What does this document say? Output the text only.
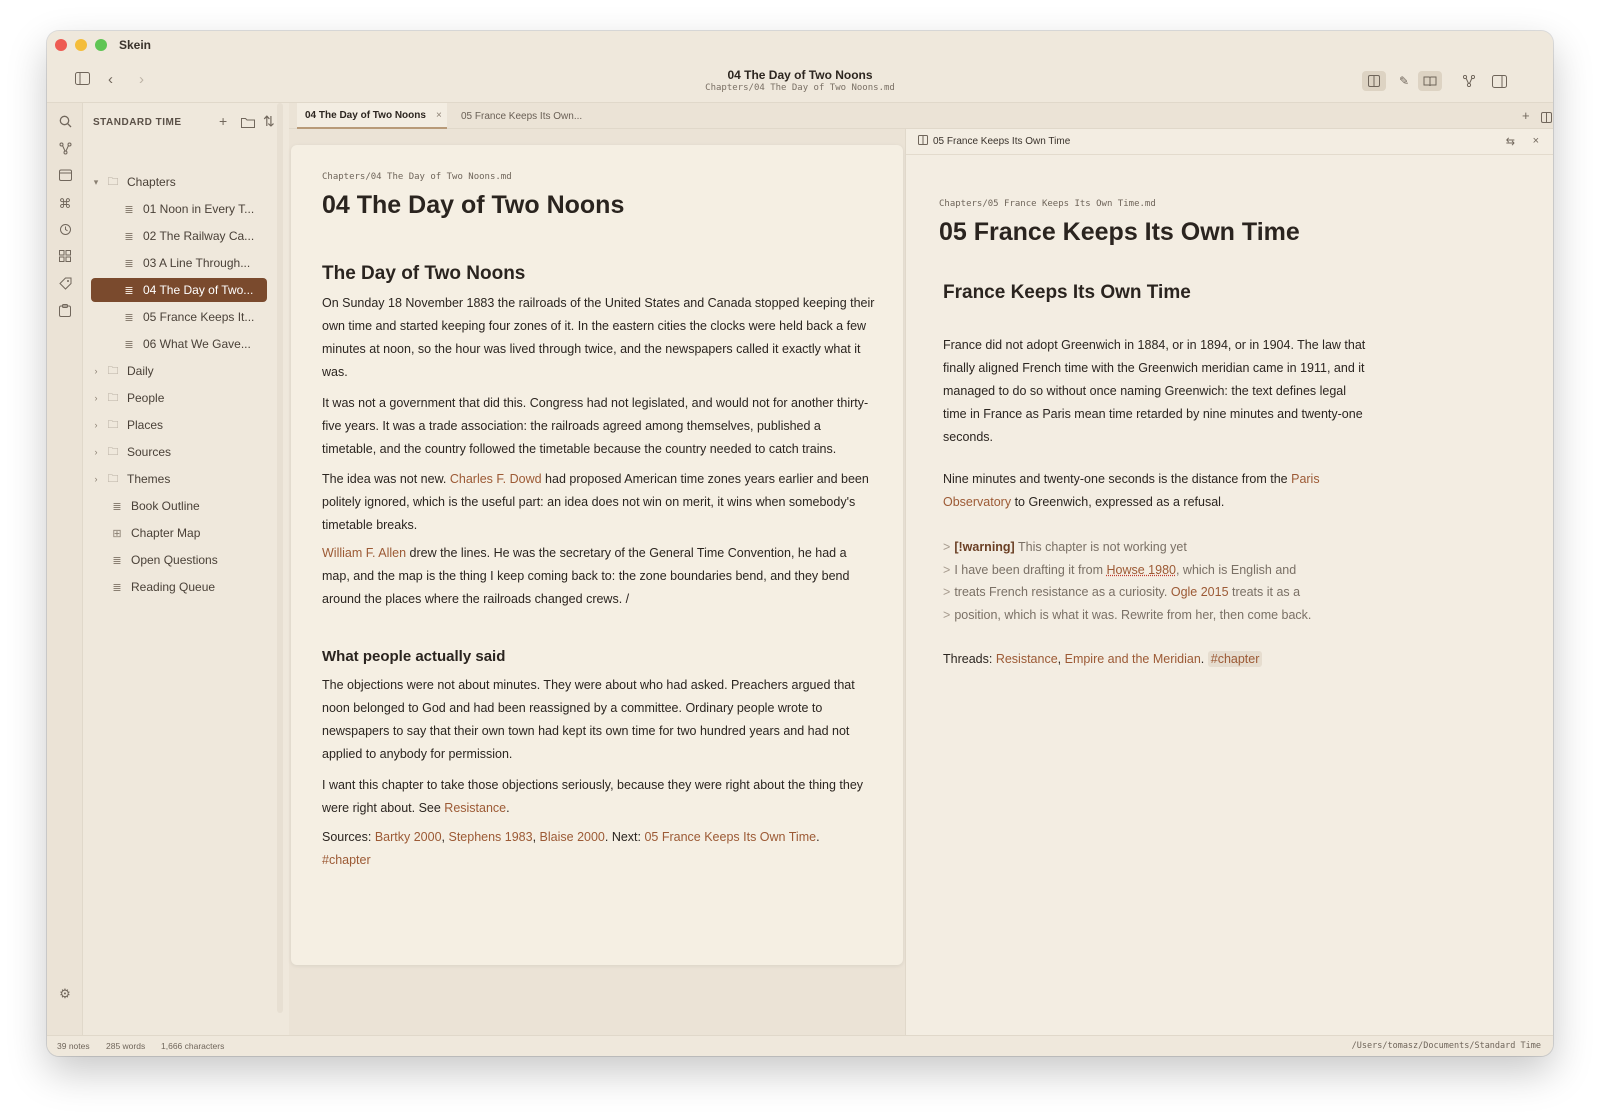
Skein
‹ ›	04 The Day of Two Noons
Chapters/04 The Day of Two Noons.md	✎
⌘
⚙
STANDARD TIME	+	⇅
▾ 🗀 Chapters
≣ 01 Noon in Every T...
≣ 02 The Railway Ca...
≣ 03 A Line Through...
≣ 04 The Day of Two...
≣ 05 France Keeps It...
≣ 06 What We Gave...
› 🗀 Daily
› 🗀 People
› 🗀 Places
› 🗀 Sources
› 🗀 Themes
≣ Book Outline
⊞ Chapter Map
≣ Open Questions
≣ Reading Queue
04 The Day of Two Noons × 05 France Keeps Its Own...	+
Chapters/04 The Day of Two Noons.md
04 The Day of Two Noons
The Day of Two Noons

On Sunday 18 November 1883 the railroads of the United States and Canada stopped keeping their own time and started keeping four zones of it. In the eastern cities the clocks were held back a few minutes at noon, so the hour was lived through twice, and the newspapers called it exactly what it was.

It was not a government that did this. Congress had not legislated, and would not for another thirty-five years. It was a trade association: the railroads agreed among themselves, published a timetable, and the country followed the timetable because the country needed to catch trains.

The idea was not new. Charles F. Dowd had proposed American time zones years earlier and been politely ignored, which is the useful part: an idea does not win on merit, it wins when somebody's timetable breaks.

William F. Allen drew the lines. He was the secretary of the General Time Convention, he had a map, and the map is the thing I keep coming back to: the zone boundaries bend, and they bend around the places where the railroads changed crews. /

What people actually said

The objections were not about minutes. They were about who had asked. Preachers argued that noon belonged to God and had been reassigned by a committee. Ordinary people wrote to newspapers to say that their own town had kept its own time for two hundred years and had not applied to anybody for permission.

I want this chapter to take those objections seriously, because they were right about the thing they were right about. See Resistance.

Sources: Bartky 2000, Stephens 1983, Blaise 2000. Next: 05 France Keeps Its Own Time.
#chapter

05 France Keeps Its Own Time	⇆ ×
Chapters/05 France Keeps Its Own Time.md
05 France Keeps Its Own Time
France Keeps Its Own Time

France did not adopt Greenwich in 1884, or in 1894, or in 1904. The law that finally aligned French time with the Greenwich meridian came in 1911, and it managed to do so without once naming Greenwich: the text defines legal time in France as Paris mean time retarded by nine minutes and twenty-one seconds.

Nine minutes and twenty-one seconds is the distance from the Paris Observatory to Greenwich, expressed as a refusal.

> [!warning] This chapter is not working yet
> I have been drafting it from Howse 1980, which is English and
> treats French resistance as a curiosity. Ogle 2015 treats it as a
> position, which is what it was. Rewrite from her, then come back.

Threads: Resistance, Empire and the Meridian. #chapter

39 notes 285 words 1,666 characters	/Users/tomasz/Documents/Standard Time
